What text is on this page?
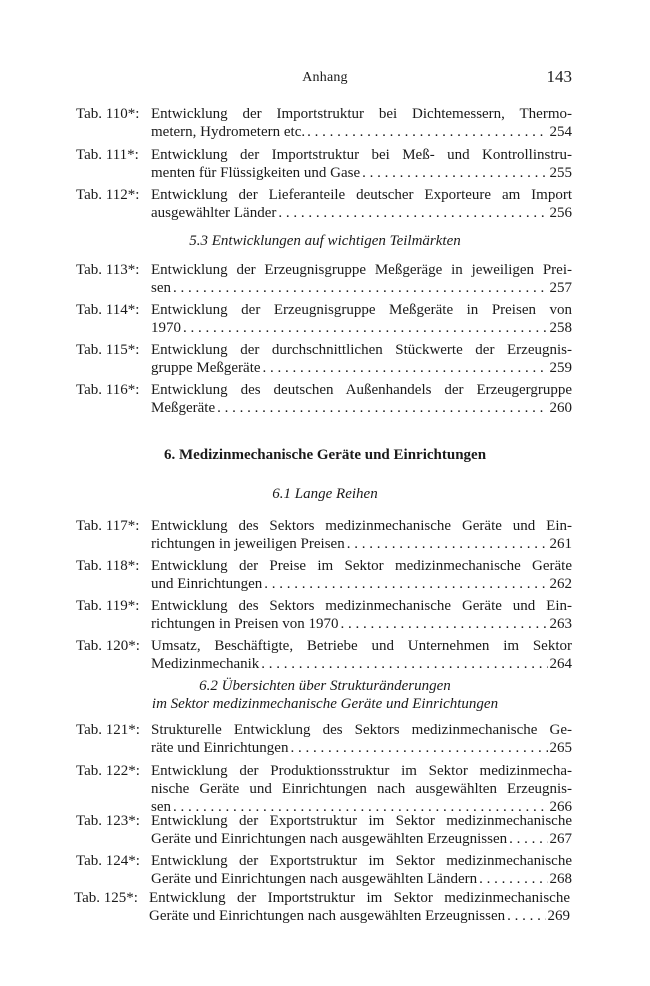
Anhang	143
5.3 Entwicklungen auf wichtigen Teilmärkten
6. Medizinmechanische Geräte und Einrichtungen
6.1 Lange Reihen
6.2 Übersichten über Strukturänderungen
im Sektor medizinmechanische Geräte und Einrichtungen
Tab. 110*: Entwicklung der Importstruktur bei Dichtemessern, Thermo-
metern, Hydrometern etc. . . .	254
Tab. 111*: Entwicklung der Importstruktur bei Meß- und Kontrollinstru-
menten für Flüssigkeiten und Gase . . .	255
Tab. 112*: Entwicklung der Lieferanteile deutscher Exporteure am Import
ausgewählter Länder . . .	256
Tab. 113*: Entwicklung der Erzeugnisgruppe Meßgeräge in jeweiligen Prei-
sen . . .	257
Tab. 114*: Entwicklung der Erzeugnisgruppe Meßgeräte in Preisen von
1970 . . .	258
Tab. 115*: Entwicklung der durchschnittlichen Stückwerte der Erzeugnis-
gruppe Meßgeräte . . .	259
Tab. 116*: Entwicklung des deutschen Außenhandels der Erzeugergruppe
Meßgeräte . . .	260
Tab. 117*: Entwicklung des Sektors medizinmechanische Geräte und Ein-
richtungen in jeweiligen Preisen . . .	261
Tab. 118*: Entwicklung der Preise im Sektor medizinmechanische Geräte
und Einrichtungen . . .	262
Tab. 119*: Entwicklung des Sektors medizinmechanische Geräte und Ein-
richtungen in Preisen von 1970 . . .	263
Tab. 120*: Umsatz, Beschäftigte, Betriebe und Unternehmen im Sektor
Medizinmechanik . . .	264
Tab. 121*: Strukturelle Entwicklung des Sektors medizinmechanische Ge-
räte und Einrichtungen . . .	265
Tab. 122*: Entwicklung der Produktionsstruktur im Sektor medizinmecha-
nische Geräte und Einrichtungen nach ausgewählten Erzeugnis-
sen . . .	266
Tab. 123*: Entwicklung der Exportstruktur im Sektor medizinmechanische
Geräte und Einrichtungen nach ausgewählten Erzeugnissen . . .	267
Tab. 124*: Entwicklung der Exportstruktur im Sektor medizinmechanische
Geräte und Einrichtungen nach ausgewählten Ländern . . .	268
Tab. 125*: Entwicklung der Importstruktur im Sektor medizinmechanische
Geräte und Einrichtungen nach ausgewählten Erzeugnissen . . .	269
